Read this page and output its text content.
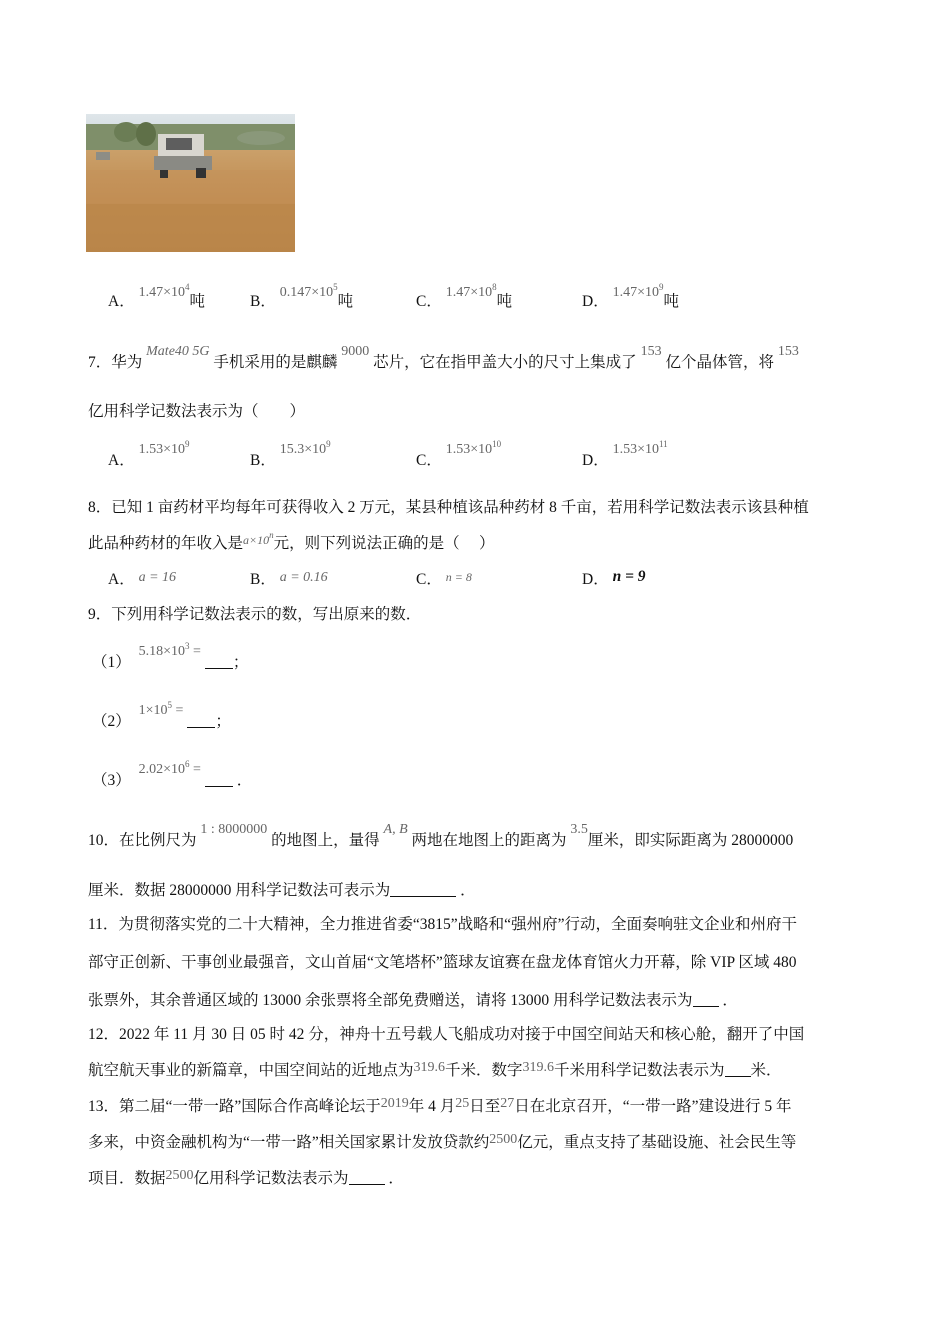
A． $1.47\times 10^4$吨	B． $0.147\times 10^5$吨	C． $1.47\times 10^8$吨	D． $1.47\times 10^9$吨
7．华为 Mate40 5G 手机采用的是麒麟 9000 芯片，它在指甲盖大小的尺寸上集成了 153 亿个晶体管，将 153
亿用科学记数法表示为（　　）
A． $1.53\times 10^9$
B． $15.3\times 10^9$
C． $1.53\times 10^{10}$
D． $1.53\times 10^{11}$
8．已知 1 亩药材平均每年可获得收入 2 万元，某县种植该品种药材 8 千亩，若用科学记数法表示该县种植
此品种药材的年收入是$^{a\times 10^n}$元，则下列说法正确的是（　 ）
A． a = 16	B． a = 0.16	C． n = 8	D． n = 9
9．下列用科学记数法表示的数，写出原来的数．
（1） $5.18\times 10^3$ = ；
（2） $1\times 10^5$ = ；
（3） $2.02\times 10^6$ =  ．
10．在比例尺为 1 : 8000000 的地图上，量得 A, B 两地在地图上的距离为 3.5厘米，即实际距离为 28000000
厘米．数据 28000000 用科学记数法可表示为	．
11．为贯彻落实党的二十大精神，全力推进省委“3815”战略和“强州府”行动，全面奏响驻文企业和州府干
部守正创新、干事创业最强音，文山首届“文笔塔杯”篮球友谊赛在盘龙体育馆火力开幕，除 VIP 区域 480
张票外，其余普通区域的 13000 余张票将全部免费赠送，请将 13000 用科学记数法表示为 ．
12．2022 年 11 月 30 日 05 时 42 分，神舟十五号载人飞船成功对接于中国空间站天和核心舱，翻开了中国
航空航天事业的新篇章，中国空间站的近地点为319.6千米．数字319.6千米用科学记数法表示为 米．
13．第二届“一带一路”国际合作高峰论坛于2019年 4 月25日至27日在北京召开，“一带一路”建设进行 5 年
多来，中资金融机构为“一带一路”相关国家累计发放贷款约2500亿元，重点支持了基础设施、社会民生等
项目．数据2500亿用科学记数法表示为	．
